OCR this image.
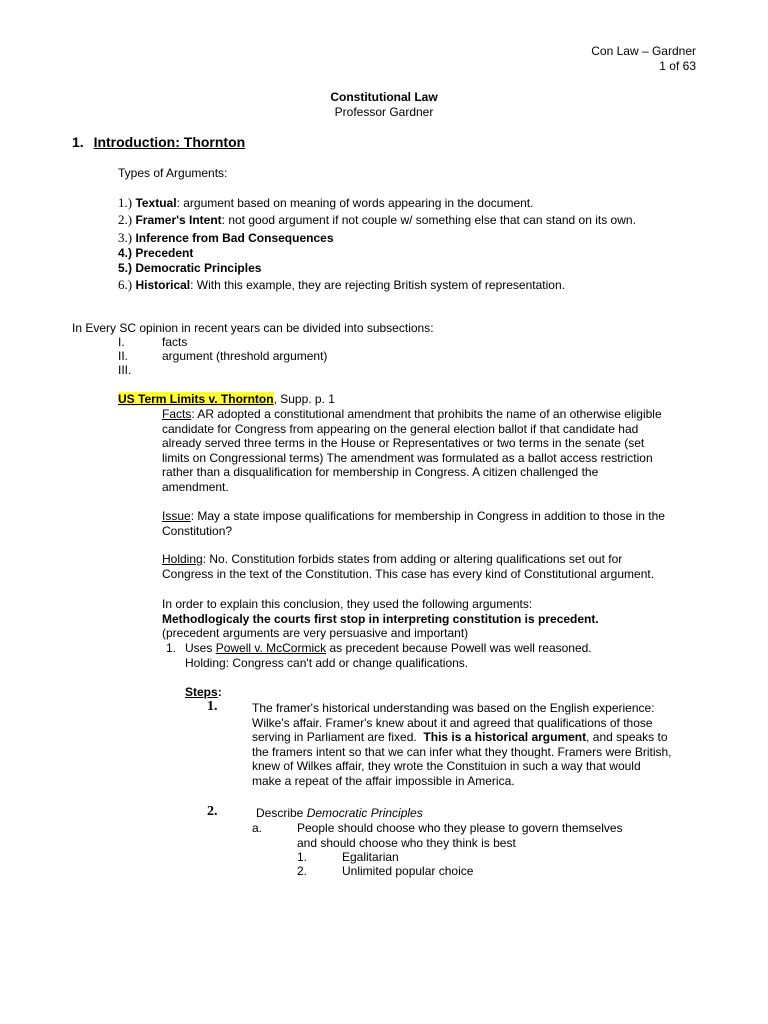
Con Law – Gardner
1 of 63
Constitutional Law
Professor Gardner
1. Introduction: Thornton
Types of Arguments:
1.) Textual: argument based on meaning of words appearing in the document.
2.) Framer's Intent: not good argument if not couple w/ something else that can stand on its own.
3.) Inference from Bad Consequences
4.) Precedent
5.) Democratic Principles
6.) Historical: With this example, they are rejecting British system of representation.
In Every SC opinion in recent years can be divided into subsections:
I.	facts
II.	argument (threshold argument)
III.
US Term Limits v. Thornton, Supp. p. 1
Facts: AR adopted a constitutional amendment that prohibits the name of an otherwise eligible
candidate for Congress from appearing on the general election ballot if that candidate had
already served three terms in the House or Representatives or two terms in the senate (set
limits on Congressional terms) The amendment was formulated as a ballot access restriction
rather than a disqualification for membership in Congress. A citizen challenged the
amendment.
Issue: May a state impose qualifications for membership in Congress in addition to those in the
Constitution?
Holding: No. Constitution forbids states from adding or altering qualifications set out for
Congress in the text of the Constitution. This case has every kind of Constitutional argument.
In order to explain this conclusion, they used the following arguments:
Methodlogicaly the courts first stop in interpreting constitution is precedent.
(precedent arguments are very persuasive and important)
1. Uses Powell v. McCormick as precedent because Powell was well reasoned.
Holding: Congress can't add or change qualifications.
Steps:
1.	The framer's historical understanding was based on the English experience:
Wilke's affair. Framer's knew about it and agreed that qualifications of those
serving in Parliament are fixed.  This is a historical argument, and speaks to
the framers intent so that we can infer what they thought. Framers were British,
knew of Wilkes affair, they wrote the Constituion in such a way that would
make a repeat of the affair impossible in America.
2.	Describe Democratic Principles
a.	People should choose who they please to govern themselves
and should choose who they think is best
1.	Egalitarian
2.	Unlimited popular choice
